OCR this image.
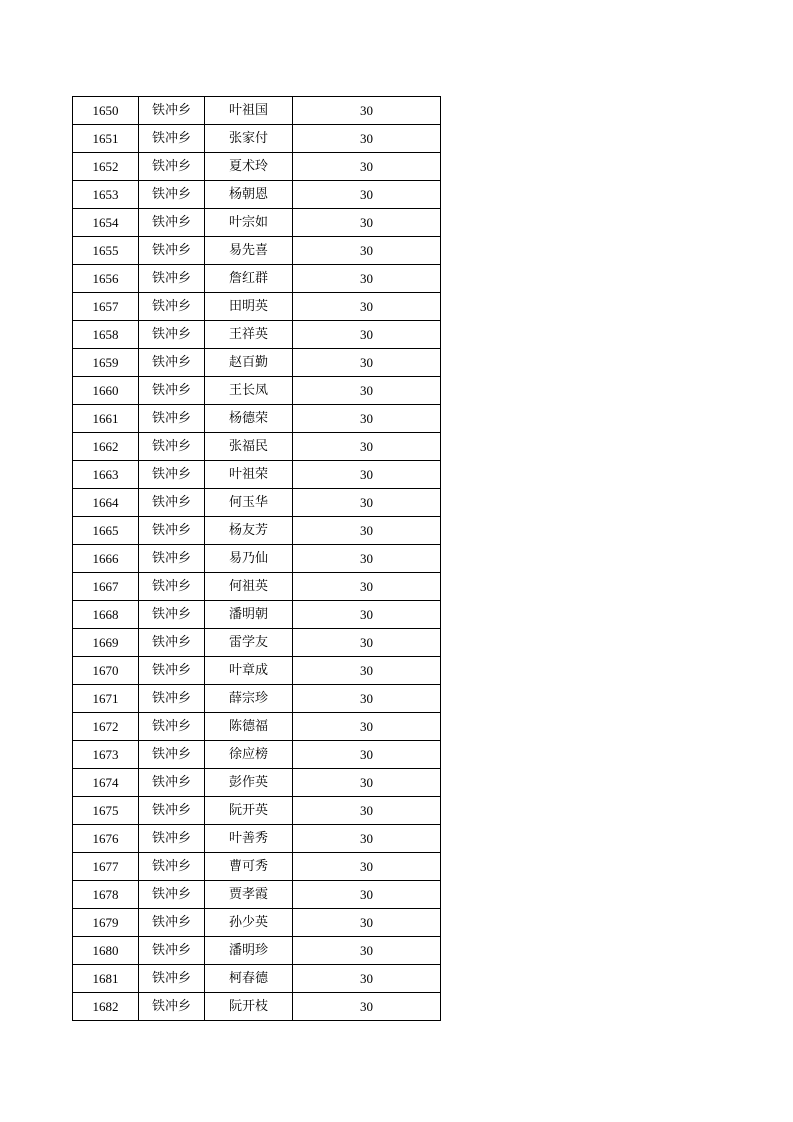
1650	铁冲乡	叶祖国	30
1651	铁冲乡	张家付	30
1652	铁冲乡	夏术玲	30
1653	铁冲乡	杨朝恩	30
1654	铁冲乡	叶宗如	30
1655	铁冲乡	易先喜	30
1656	铁冲乡	詹红群	30
1657	铁冲乡	田明英	30
1658	铁冲乡	王祥英	30
1659	铁冲乡	赵百勤	30
1660	铁冲乡	王长凤	30
1661	铁冲乡	杨德荣	30
1662	铁冲乡	张福民	30
1663	铁冲乡	叶祖荣	30
1664	铁冲乡	何玉华	30
1665	铁冲乡	杨友芳	30
1666	铁冲乡	易乃仙	30
1667	铁冲乡	何祖英	30
1668	铁冲乡	潘明朝	30
1669	铁冲乡	雷学友	30
1670	铁冲乡	叶章成	30
1671	铁冲乡	薛宗珍	30
1672	铁冲乡	陈德福	30
1673	铁冲乡	徐应榜	30
1674	铁冲乡	彭作英	30
1675	铁冲乡	阮开英	30
1676	铁冲乡	叶善秀	30
1677	铁冲乡	曹可秀	30
1678	铁冲乡	贾孝霞	30
1679	铁冲乡	孙少英	30
1680	铁冲乡	潘明珍	30
1681	铁冲乡	柯春德	30
1682	铁冲乡	阮开枝	30
